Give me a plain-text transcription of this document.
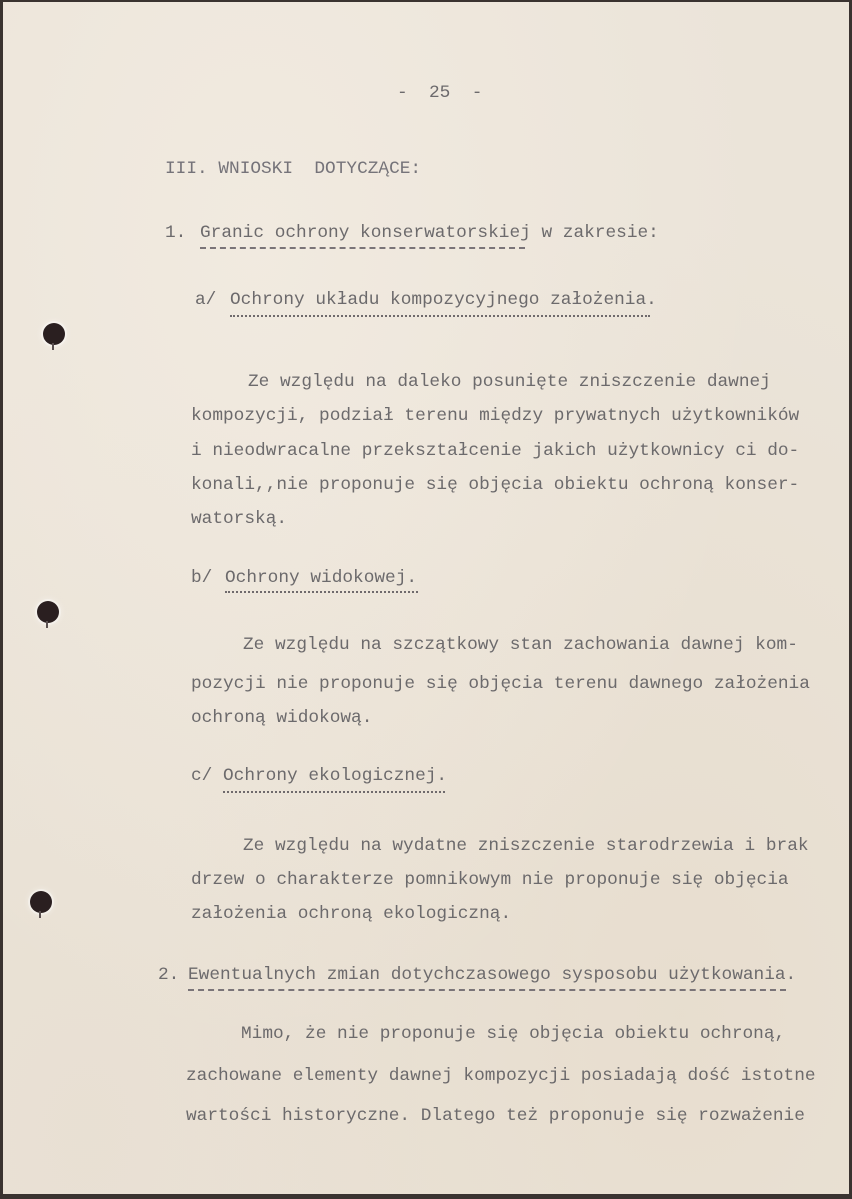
-  25  -
III. WNIOSKI  DOTYCZĄCE:
1. Granic ochrony konserwatorskiej w zakresie:
a/ Ochrony układu kompozycyjnego założenia.
Ze względu na daleko posunięte zniszczenie dawnej
kompozycji, podział terenu między prywatnych użytkowników
i nieodwracalne przekształcenie jakich użytkownicy ci do-
konali,,nie proponuje się objęcia obiektu ochroną konser-
watorską.
b/ Ochrony widokowej.
Ze względu na szczątkowy stan zachowania dawnej kom-
pozycji nie proponuje się objęcia terenu dawnego założenia
ochroną widokową.
c/ Ochrony ekologicznej.
Ze względu na wydatne zniszczenie starodrzewia i brak
drzew o charakterze pomnikowym nie proponuje się objęcia
założenia ochroną ekologiczną.
2. Ewentualnych zmian dotychczasowego sysposobu użytkowania.
Mimo, że nie proponuje się objęcia obiektu ochroną,
zachowane elementy dawnej kompozycji posiadają dość istotne
wartości historyczne. Dlatego też proponuje się rozważenie
